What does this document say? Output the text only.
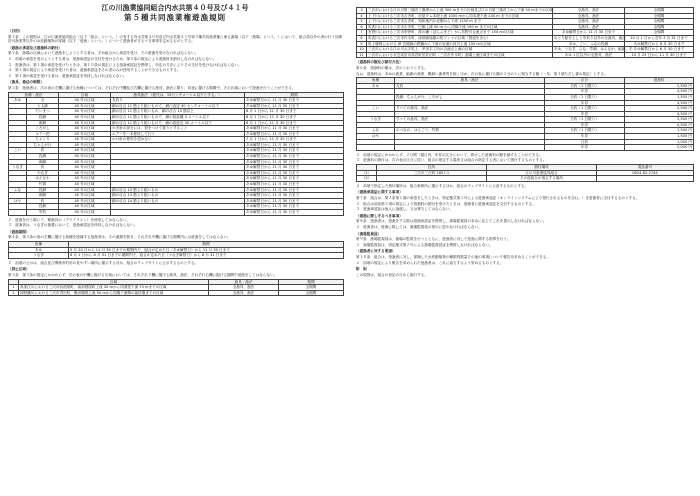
江の川漁業協同組合内水共第４０号及び４１号
第５種共同漁業権遊漁規則

（目的）

第１条　この規則は、江の川漁業協同組合（以下「組合」という。）の有する内水共第４０号及び内水共第４１号第５種共同漁業権に係る漁場（以下「漁場」という。）において、組合員以外の者の行う知事許可漁業等以外の水産動植物の採捕（以下「遊漁」という。）について遊漁者が守るべき事項を定めるものとする。

（遊漁の承認及び遊漁料の納付）

第２条　漁場の区域において遊漁をしようとする者は、予め組合から承認を受け、その遊漁を受けなければならない。

２　前項の承認を受けようとする者は、遊漁承認証の交付を受けるため、第５条の規定により遊漁料を納付しなければならない。

３　遊漁者は、第１項の承認を受けたときは、第１０条の規定による遊漁承認証を携帯し、所定の方法によりその交付を受けなければならない。

４　第１項の規定により承認を受けた者は、遊漁承認証をその者のみが使用することができるものとする。

５　第１項の承認を受ける者は、遊漁承認証を所持しなければならない。

（漁具、漁法の制限）

第３条　遊漁者は、次の表の左欄に掲げる魚種については、それぞれ中欄及び右欄に掲げる漁具、漁法に限り、同表に掲げる期間中、その区域において遊漁を行うことができる。

魚種・漁法		区域	漁具漁法 （総代は、15センチメートル以下とする。）	期間
あゆ	全	40 号の区域	友釣り	あゆ解禁日から 11 月 30 日まで
	とも網	40 号の区域	網の目合 11 節より粗いもので、網口直径 30 センチメートル以下	あゆ解禁日から 11 月 30 日まで
	たいまつ	40 号の区域	網の目合 11 節より粗いもの、網の目合 10 節以上	8 月 1 日から 11 月 30 日まで
	投網	40 号の区域	網の目合 11 節より粗いもので、網の総延縄 3 メートル以下	8 月 1 日から 11 月 30 日まで
	刺網	40 号の区域	網の目合 11 節より粗いもので、網の総延長 30 メートル以下	8 月 1 日から 11 月 30 日まで
	ころがし	40 号の区域	かぎ針の部分には、鉛をつけて重りとすること	あゆ解禁日から 11 月 30 日まで
	ルアー釣	40 号の区域	ルアーを一本使用して行う	あゆ解禁日から 11 月 30 日まで
	ちゃくり	40 号の区域	かけ針の使用を認めない	7 月 1 日から 11 月 30 日まで
	ちゃんがけ	40 号の区域		あゆ解禁日から 11 月 30 日まで
こい	釣	40 号の区域		あゆ解禁日から 11 月 30 日まで
	投網	40 号の区域		あゆ解禁日から 11 月 30 日まで
	刺網	40 号の区域		あゆ解禁日から 11 月 30 日まで
うなぎ	釣	40 号の区域		あゆ解禁日から 11 月 30 日まで
	やなぎ	40 号の区域		あゆ解禁日から 11 月 30 日まで
	はえなわ	40 号の区域		あゆ解禁日から 11 月 30 日まで
	竹筒	40 号の区域		あゆ解禁日から 11 月 30 日まで
ふな	投網	40 号の区域	網の目合 13 節より粗いもの	あゆ解禁日から 11 月 30 日まで
	刺網	40 号の区域	網の目合 13 節より粗いもの	あゆ解禁日から 11 月 30 日まで
はや	釣	40 号の区域	網の目合 14 節より粗いもの	あゆ解禁日から 11 月 30 日まで
	投網	40 号の区域		あゆ解禁日から 11 月 30 日まで
	竿釣	40 号の区域		あゆ解禁日から 11 月 30 日まで

２　遊漁を行う際にて、释漁具の（アウアラジン）を使用してはならない。

３　遊漁者は、うなぎの漁獲において、遊漁承認証を所持しなければならない。

（遊漁期間）

第４条　第３条の表の左欄に掲げる魚種を採捕する遊漁者は、その漁期を除き、それぞれ中欄に掲げる期間内には遊漁をしてはならない。

魚種	期間
あゆ	5 月 20 日から 11 月 30 日までの期間内で、組合が定めた日（あゆ解禁日）から 11 月 30 日まで
うなぎ	6 月 1 日から 8 月 31 日までの期間内で、組合が定めた日（うなぎ解禁日）から 8 月 31 日まで

２　前項の公示は、組合及び関係市町村の見やすい場所に掲示するほか、組合のウェブサイトに公示するものとする。

（禁止区域）

第５条　第３条の規定にかかわらず、次の表の中欄に掲げる区域においては、それぞれ下欄に掲げる漁具、漁法、それぞれ右欄に掲げる期間中遊漁をしてはならない。

	区域	漁具・漁法	期間
1	高加江川における三次市西酒屋町、南部酒屋町上流 30 mから同酒屋下流 70 mまでの区域	全漁具、漁法	全期間
2	神野瀬川における三次市君田町、櫛田堰堤上流 50 mから同堰下流側の最終堰までの区域	全漁具、漁法	全期間
3	三次市における江の川第三頭首工堰堤から上流 300 mまでの区域及び江の川第三頭首工から下流 50 mまでの区域	全漁具、漁法	全期間
4	上下川における三次市吉舎町、尻屋ダム本堤上流 1000 mから同本堤下流 240 m までの区域	全漁具、漁法	全期間
5	上下川における三次市吉舎町、知和地内の北側から下流 1150 m まで	全漁具、漁法	全期間
6	馬洗川における三次市吉舎町、巴橋上流 50 m から同橋下流 190 m までの区域	全漁具、漁法	全期間
7	布野川における三次市布野町、波の瀬（ぽんぷまど）から布野川合流点まで 150 mの区域	あゆ解禁日から 11 月 30 日まで	全期間
8	馬洗川における三次市作木町、南畑漁協様の防ワンドの区域（国道を含む）	おとり鮎を上しと甲釣り以外の全漁具、漁法	10 月 1 日から翌年 3 月 31 日まで
9	吹上堰堤における JR 芸備線の鉄橋から下流の岩流の河川上流 100 mの区域	あゆ、こい、ふなの投網	あゆ解禁日から 6 月 30 日まで
10	三次市における江の川大字吹上、甲田木工所の合流点上流の区域	あゆ、うなぎ、ふな、竿網、はえなわ、鮎網、手	あゆ解禁日から 6 月 30 日まで
11	三次市における安芸高田市高宮町伯井田町（三次市作木町）漁場上流区域までの区域	あゆ 1 匹以外の全漁具、漁法	10 月 25 日から 11 月 30 日まで

（遊漁料の額及び納付方法）

第６条　遊漁料の額は、次のとおりとする。

なお、遊漁料は、あゆの漁業、鮎網の漁業、鵜飼い漁業等を除くほか、次の表に掲げる額の２分の１に相当する額（一年、第３項ただし書の規定）とする。

魚種	漁具・漁法	区分	遊漁料
あゆ	友釣	日釣（1 日限り）	2,500 円
		年券	4,500 円
	投網、ちゃんがけ、ころがし	日釣（1 日限り）	1,500 円
		年券	4,500 円
こい	すべての漁具、漁法	日釣（1 日限り）	2,500 円
		年券	4,500 円
うなぎ	すべての漁具、漁法	日釣（1 日限り）	2,500 円
		年券	4,500 円
ふな	のべなわ、はえごう、竹筒	日釣（1 日限り）	1,500 円
はや		年券	1,500 円
		日釣	1,000 円
		年券	2,000 円

２　前項の規定にかかわらず、２日間（週日内、年券の区分において、執行した遊漁料の額を減ずることができる。

３　遊漁料の納付は、次の表の区分に従い、組合の指定する場所又は組合の指定する者において納付するものとする。

	住所	納付場所	電話番号
（1）	三次市三次町 1857-1	江の川漁業協同組合	0824-62-2744
（2）		その他組合が指定する場所	

４　前項で指定した納付場所は、組合事務所に掲示するほか、組合のウェブサイトに公表するものとする。

（遊漁承認証に関する事項）

第７条　組合は、第２条第１項の承認をしたときは、別記様式第１号による遊漁承認証（オンラインシステムにより発行されるものを含む。）を遊漁者に交付するものとする。

２　組合は前条第２項の規定により遊漁料の納付を受けたときは、遊漁者に遊漁承認証を交付するものとする。

３　遊漁承認証は他人に譲渡し、又は貸与してはならない。

（遊漁に際し守るべき事項）

第８条　遊漁者は、遊漁をする際は遊漁承認証を携帯し、漁場監視員の求めに応じてこれを提示しなければならない。

２　遊漁者は、遊漁に際しては、漁場監視員の指示に従わなければならない。

（漁場監視員）

第９条　漁場監視員は、漁場の監視を行うとともに、遊漁者に対して遊漁に関する指導を行う。

２　漁場監視員は、別記様式第２号による漁場監視員証を携帯しなければならない。

（遊漁者に対する要請）

第１０条　組合は、遊漁者に対し、採捕した水産動植物の種類別数量その他の事項について報告を求めることができる。

２　前項の規定により報告を求められた遊漁者は、これに協力するよう努めるものとする。

附　則

この規則は、組合の登記の日から施行する。
